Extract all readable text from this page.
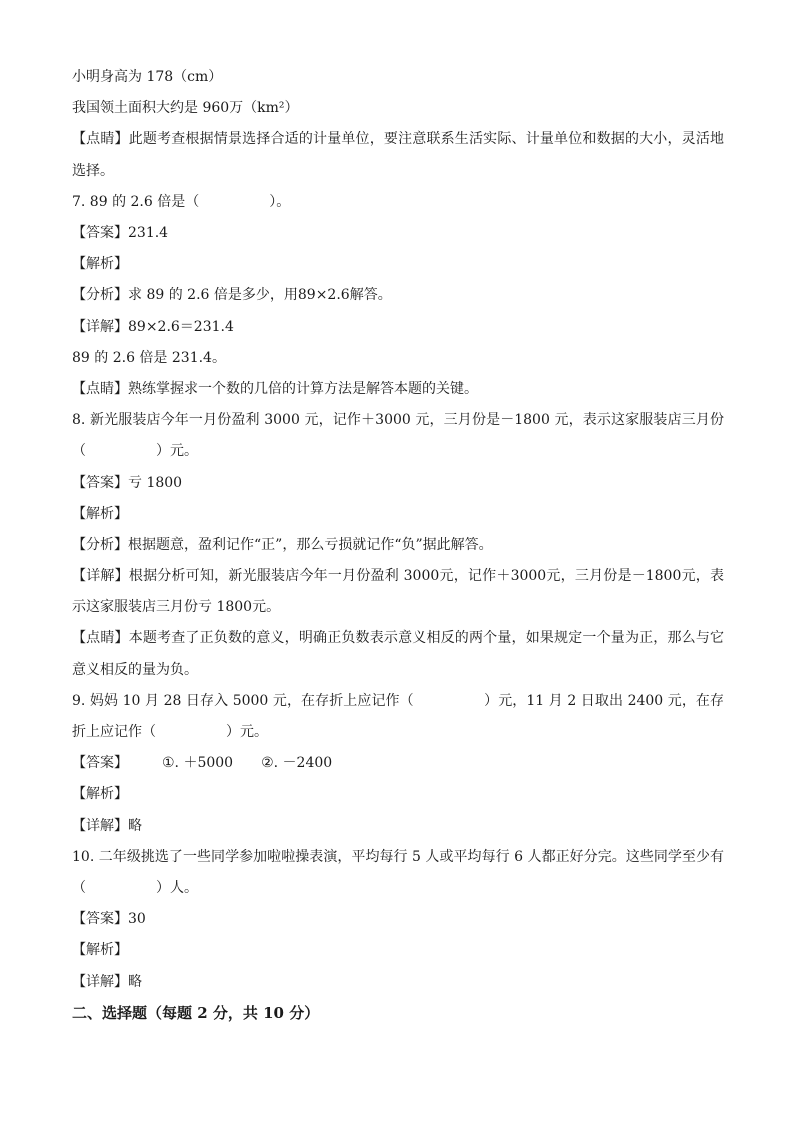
小明身高为 178（cm）
我国领土面积大约是 960万（km²）
【点睛】此题考查根据情景选择合适的计量单位，要注意联系生活实际、计量单位和数据的大小，灵活地选择。
7. 89 的 2.6 倍是（　　　　　）。
【答案】231.4
【解析】
【分析】求 89 的 2.6 倍是多少，用89×2.6解答。
【详解】89×2.6＝231.4
89 的 2.6 倍是 231.4。
【点睛】熟练掌握求一个数的几倍的计算方法是解答本题的关键。
8. 新光服装店今年一月份盈利 3000 元，记作＋3000 元，三月份是－1800 元，表示这家服装店三月份（　　　　　）元。
【答案】亏 1800
【解析】
【分析】根据题意，盈利记作“正”，那么亏损就记作“负”据此解答。
【详解】根据分析可知，新光服装店今年一月份盈利 3000元，记作＋3000元，三月份是－1800元，表示这家服装店三月份亏 1800元。
【点睛】本题考查了正负数的意义，明确正负数表示意义相反的两个量，如果规定一个量为正，那么与它意义相反的量为负。
9. 妈妈 10 月 28 日存入 5000 元，在存折上应记作（　　　　　）元，11 月 2 日取出 2400 元，在存折上应记作（　　　　　）元。
【答案】 ①. ＋5000 ②. －2400
【解析】
【详解】略
10. 二年级挑选了一些同学参加啦啦操表演，平均每行 5 人或平均每行 6 人都正好分完。这些同学至少有（　　　　　）人。
【答案】30
【解析】
【详解】略
二、选择题（每题 2 分，共 10 分）
